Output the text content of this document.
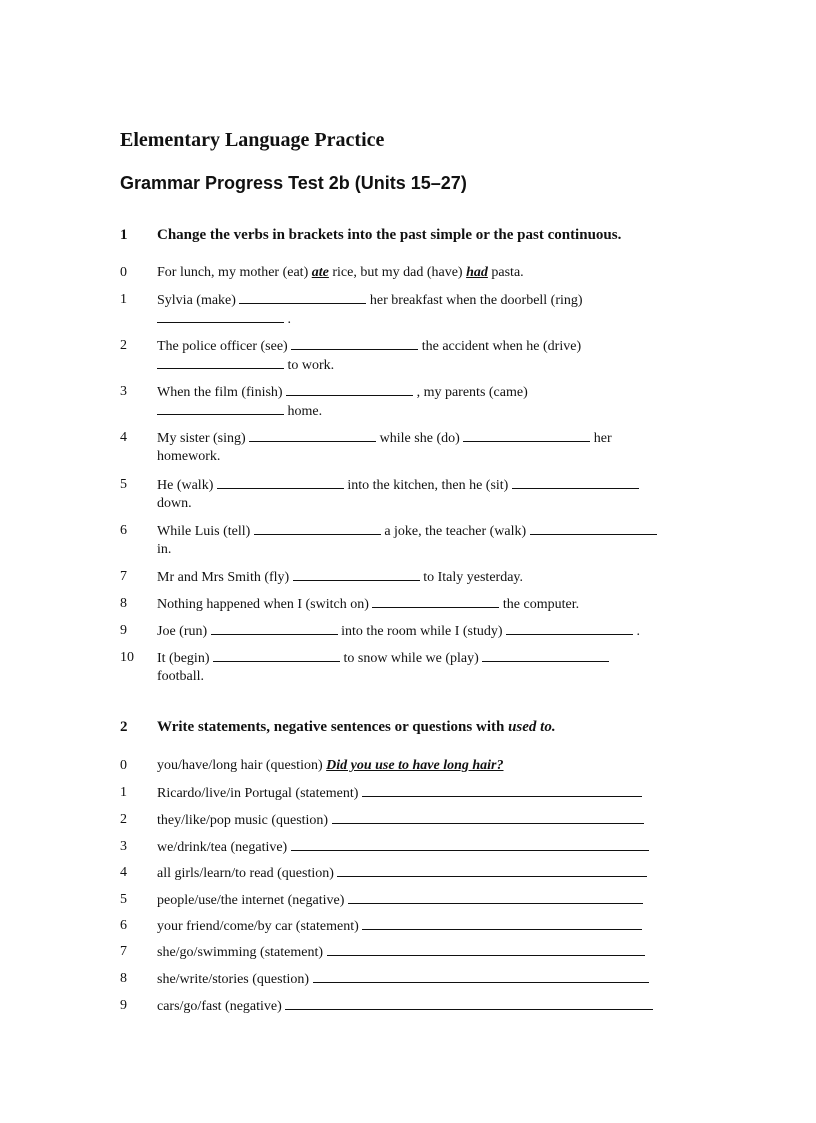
Elementary Language Practice
Grammar Progress Test 2b (Units 15–27)
1 Change the verbs in brackets into the past simple or the past continuous.
0 For lunch, my mother (eat) ate rice, but my dad (have) had pasta.
1 Sylvia (make)	her breakfast when the doorbell (ring)
.
2 The police officer (see)	the accident when he (drive)
to work.
3 When the film (finish)	, my parents (came)
home.
4 My sister (sing)	while she (do)	her
homework.
5 He (walk)	into the kitchen, then he (sit)
down.
6 While Luis (tell)	a joke, the teacher (walk)
in.
7 Mr and Mrs Smith (fly)	to Italy yesterday.
8 Nothing happened when I (switch on)	the computer.
9 Joe (run)	into the room while I (study)	.
10 It (begin)	to snow while we (play)
football.
2 Write statements, negative sentences or questions with used to.
0 you/have/long hair (question) Did you use to have long hair?
1 Ricardo/live/in Portugal (statement)
2 they/like/pop music (question)
3 we/drink/tea (negative)
4 all girls/learn/to read (question)
5 people/use/the internet (negative)
6 your friend/come/by car (statement)
7 she/go/swimming (statement)
8 she/write/stories (question)
9 cars/go/fast (negative)
